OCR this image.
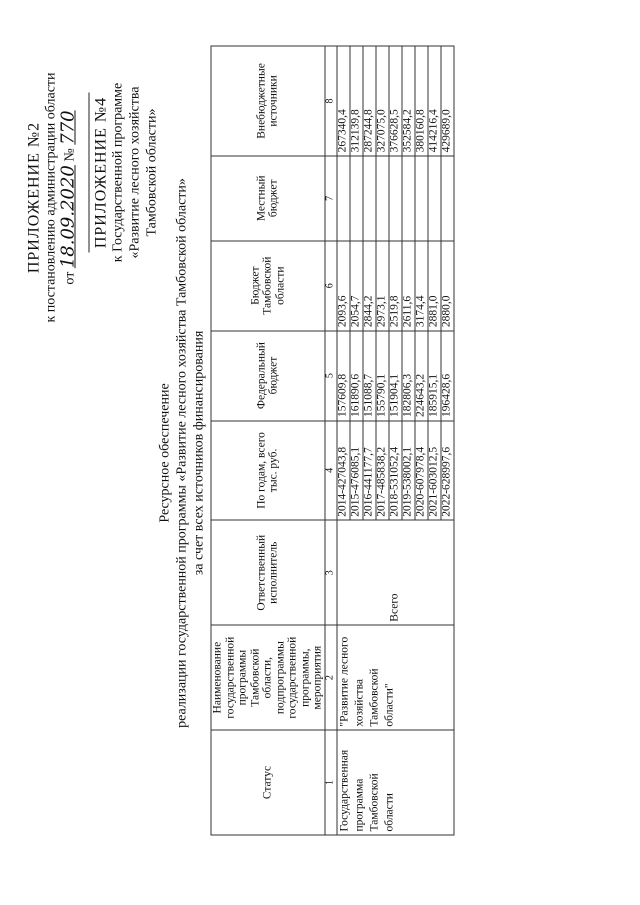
ПРИЛОЖЕНИЕ №2 к постановлению администрации области от 18.09.2020 № 770 ПРИЛОЖЕНИЕ №4 к Государственной программе «Развитие лесного хозяйства Тамбовской области»
Ресурсное обеспечение реализации государственной программы «Развитие лесного хозяйства Тамбовской области» за счет всех источников финансирования
Статус	Наименование государственной программы Тамбовской области, подпрограммы государственной программы, мероприятия	Ответственный исполнитель	По годам, всего тыс. руб.	Федеральный бюджет	Бюджет Тамбовской области	Местный бюджет	Внебюджетные источники
1	2	3	4	5	6	7	8
Государственная программа Тамбовской области	"Развитие лесного хозяйства Тамбовской области"	Всего	2014-427043,8	157609,8	2093,6		267340,4
			2015-476085,1	161890,6	2054,7		312139,8
			2016-441177,7	151088,7	2844,2		287244,8
			2017-485838,2	155790,1	2973,1		327075,0
			2018-531052,4	151904,1	2519,8		376628,5
			2019-538002,1	182806,3	2611,6		352584,2
			2020-607978,4	224643,2	3174,4		380160,8
			2021-603012,5	185915,1	2881,0		414216,4
			2022-628997,6	196428,6	2880,0		429689,0
